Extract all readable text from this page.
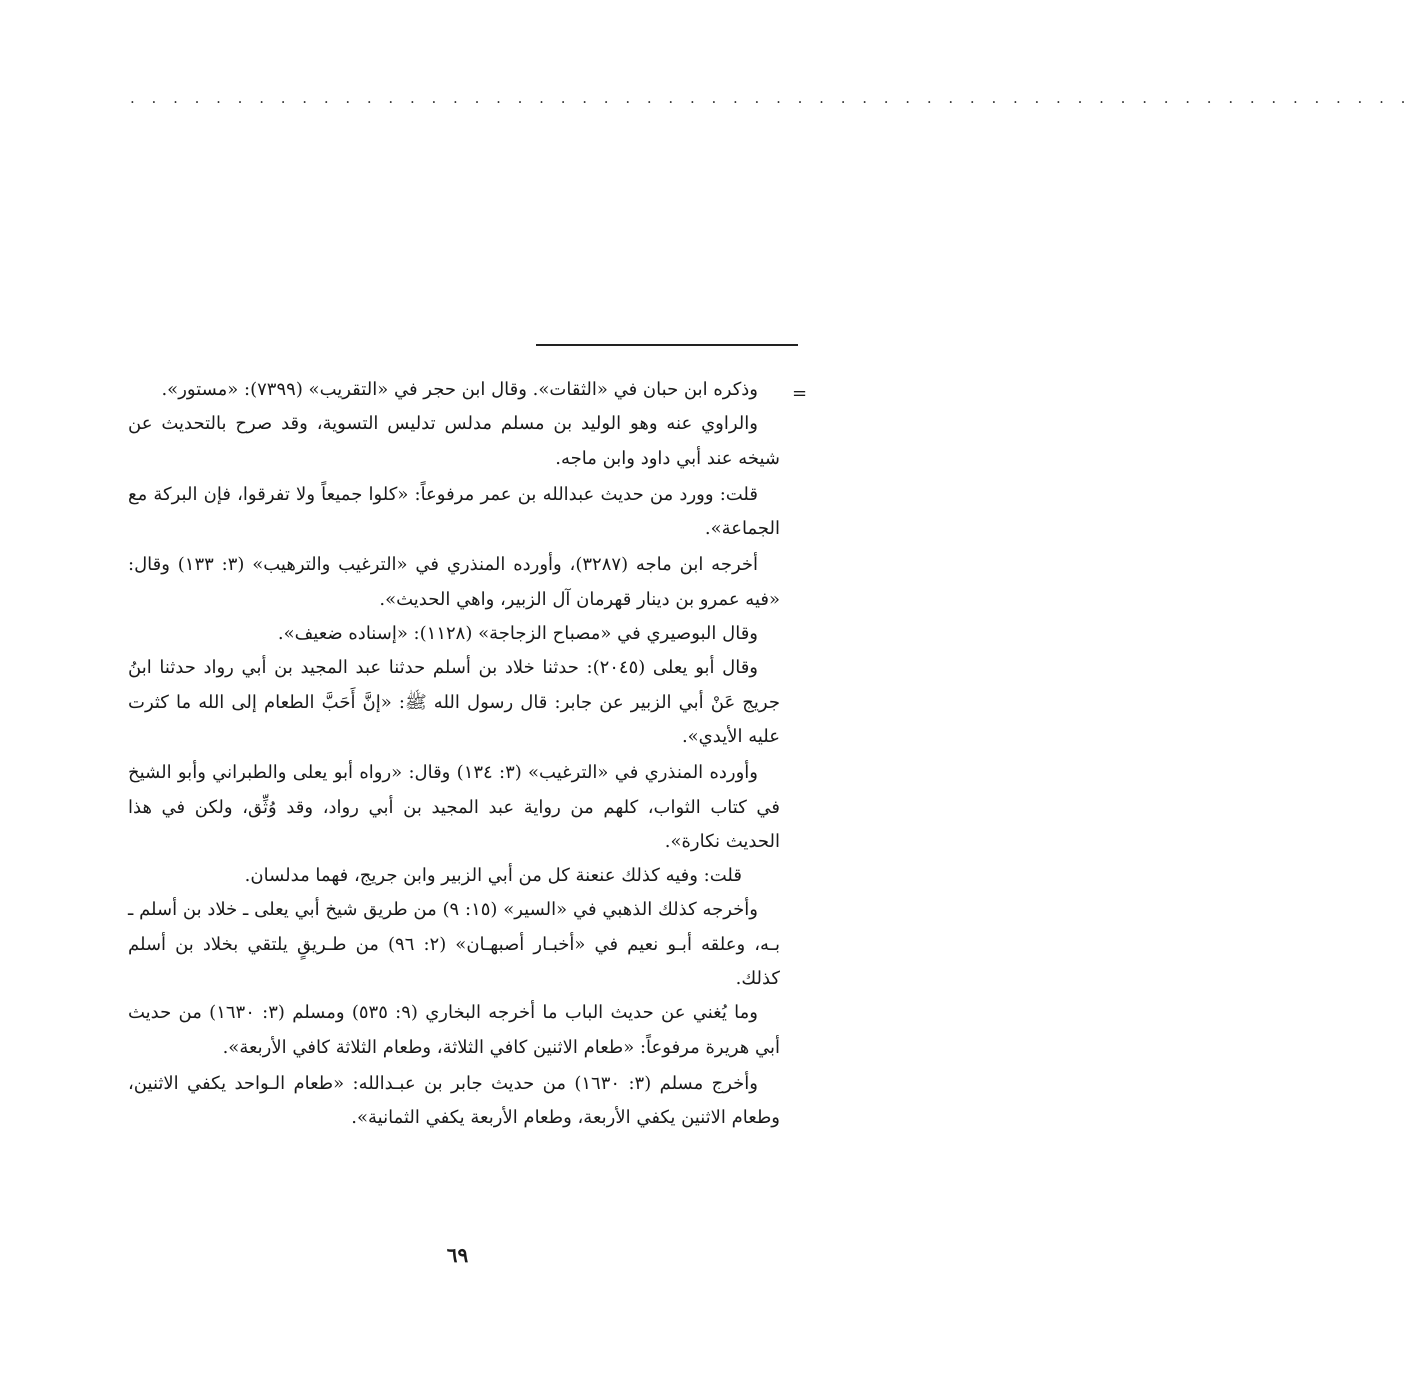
. . . . . . . . . . . . . . . . . . . . . . . . . . . . . . . . . . . . . . . . . . . . . . . . . . . . . . . . . . . .
=

وذكره ابن حبان في «الثقات». وقال ابن حجر في «التقريب» (٧٣٩٩): «مستور».

والراوي عنه وهو الوليد بن مسلم مدلس تدليس التسوية، وقد صرح بالتحديث عن شيخه عند أبي داود وابن ماجه.

قلت: وورد من حديث عبدالله بن عمر مرفوعاً: «كلوا جميعاً ولا تفرقوا، فإن البركة مع الجماعة».

أخرجه ابن ماجه (٣٢٨٧)، وأورده المنذري في «الترغيب والترهيب» (٣: ١٣٣) وقال: «فيه عمرو بن دينار قهرمان آل الزبير، واهي الحديث».

وقال البوصيري في «مصباح الزجاجة» (١١٢٨): «إسناده ضعيف».

وقال أبو يعلى (٢٠٤٥): حدثنا خلاد بن أسلم حدثنا عبد المجيد بن أبي رواد حدثنا ابنُ جريج عَنْ أبي الزبير عن جابر: قال رسول الله ﷺ: «إنَّ أَحَبَّ الطعام إلى الله ما كثرت عليه الأيدي».

وأورده المنذري في «الترغيب» (٣: ١٣٤) وقال: «رواه أبو يعلى والطبراني وأبو الشيخ في كتاب الثواب، كلهم من رواية عبد المجيد بن أبي رواد، وقد وُثِّق، ولكن في هذا الحديث نكارة».

قلت: وفيه كذلك عنعنة كل من أبي الزبير وابن جريج، فهما مدلسان.

وأخرجه كذلك الذهبي في «السير» (١٥: ٩) من طريق شيخ أبي يعلى ـ خلاد بن أسلم ـ بـه، وعلقه أبـو نعيم في «أخبـار أصبهـان» (٢: ٩٦) من طـريقٍ يلتقي بخلاد بن أسلم كذلك.

وما يُغني عن حديث الباب ما أخرجه البخاري (٩: ٥٣٥) ومسلم (٣: ١٦٣٠) من حديث أبي هريرة مرفوعاً: «طعام الاثنين كافي الثلاثة، وطعام الثلاثة كافي الأربعة».

وأخرج مسلم (٣: ١٦٣٠) من حديث جابر بن عبـدالله: «طعام الـواحد يكفي الاثنين، وطعام الاثنين يكفي الأربعة، وطعام الأربعة يكفي الثمانية».

٦٩
